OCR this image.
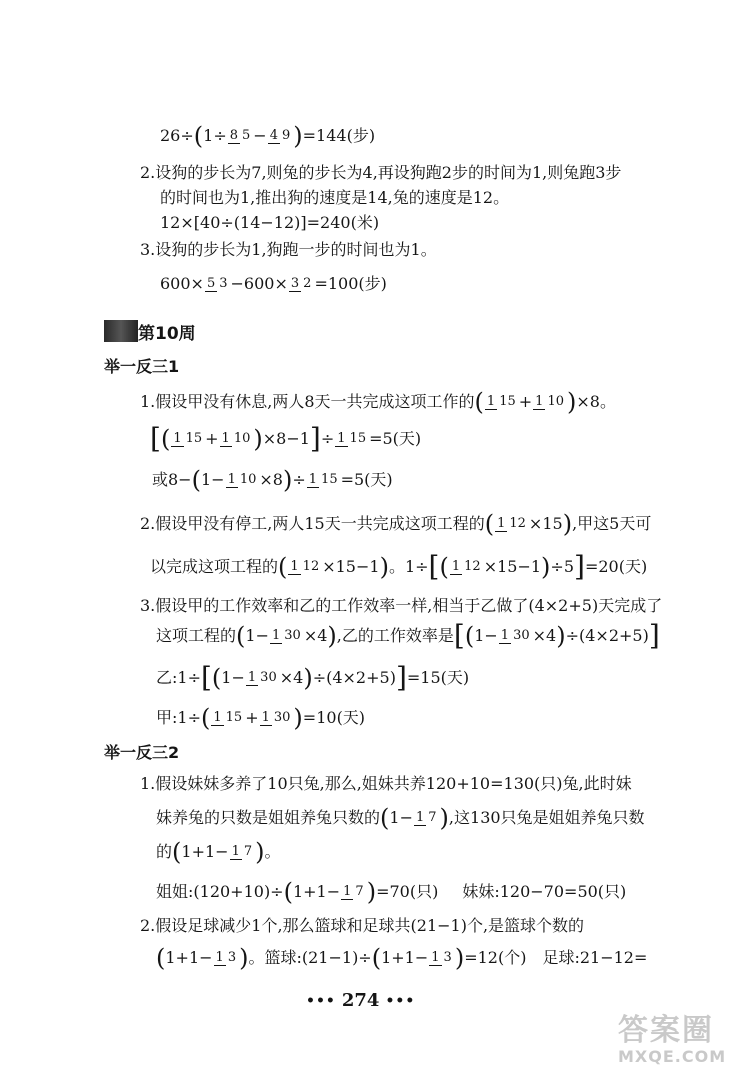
26÷ ( 1÷ 8 5 − 4 9 ) =144(步)
2.设狗的步长为7,则兔的步长为4,再设狗跑2步的时间为1,则兔跑3步
的时间也为1,推出狗的速度是14,兔的速度是12。
12×[40÷(14−12)]=240(米)
3.设狗的步长为1,狗跑一步的时间也为1。
600× 5 3 −600× 3 2 =100(步)
第10周
举一反三1
1.假设甲没有休息,两人8天一共完成这项工作的 ( 1 15 + 1 10 ) ×8。
[ ( 1 15 + 1 10 ) ×8−1 ] ÷ 1 15 =5(天)
或8− ( 1− 1 10 ×8 ) ÷ 1 15 =5(天)
2.假设甲没有停工,两人15天一共完成这项工程的 ( 1 12 ×15 ) ,甲这5天可
以完成这项工程的 ( 1 12 ×15−1 ) 。1÷ [ ( 1 12 ×15−1 ) ÷5 ] =20(天)
3.假设甲的工作效率和乙的工作效率一样,相当于乙做了(4×2+5)天完成了
这项工程的 ( 1− 1 30 ×4 ) ,乙的工作效率是 [ ( 1− 1 30 ×4 ) ÷(4×2+5) ]
乙:1÷ [ ( 1− 1 30 ×4 ) ÷(4×2+5) ] =15(天)
甲:1÷ ( 1 15 + 1 30 ) =10(天)
举一反三2
1.假设妹妹多养了10只兔,那么,姐妹共养120+10=130(只)兔,此时妹
妹养兔的只数是姐姐养兔只数的 ( 1− 1 7 ) ,这130只兔是姐姐养兔只数
的 ( 1+1− 1 7 ) 。
姐姐:(120+10)÷ ( 1+1− 1 7 ) =70(只) 妹妹:120−70=50(只)
2.假设足球减少1个,那么篮球和足球共(21−1)个,是篮球个数的
( 1+1− 1 3 ) 。篮球:(21−1)÷ ( 1+1− 1 3 ) =12(个) 足球:21−12=
••• 274 •••
答案圈
MXQE.COM
